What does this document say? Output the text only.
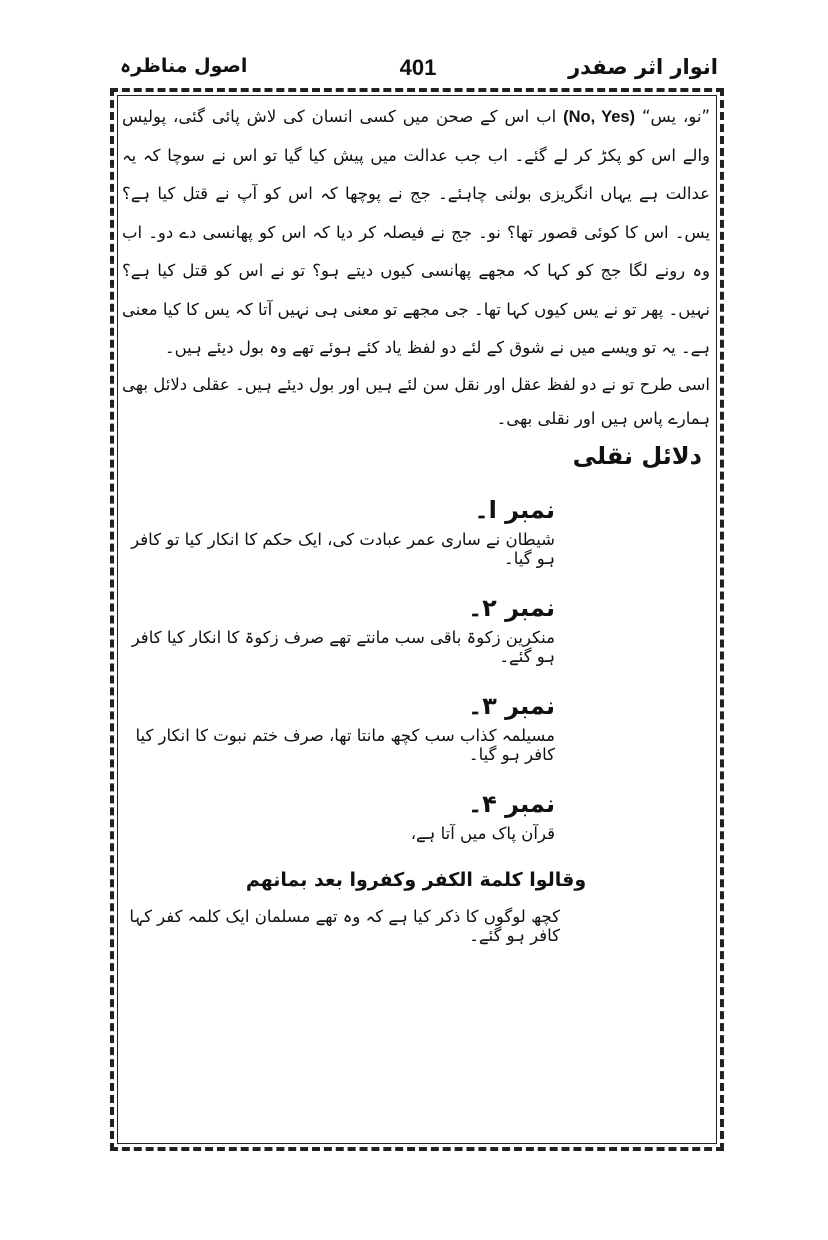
انوار اثر صفدر
401
اصول مناظرہ

”نو، یس“ (No, Yes) اب اس کے صحن میں کسی انسان کی لاش پائی گئی، پولیس والے اس کو پکڑ کر لے گئے۔ اب جب عدالت میں پیش کیا گیا تو اس نے سوچا کہ یہ عدالت ہے یہاں انگریزی بولنی چاہئے۔ جج نے پوچھا کہ اس کو آپ نے قتل کیا ہے؟ یس۔ اس کا کوئی قصور تھا؟ نو۔ جج نے فیصلہ کر دیا کہ اس کو پھانسی دے دو۔ اب وہ رونے لگا جج کو کہا کہ مجھے پھانسی کیوں دیتے ہو؟ تو نے اس کو قتل کیا ہے؟ نہیں۔ پھر تو نے یس کیوں کہا تھا۔ جی مجھے تو معنی ہی نہیں آتا کہ یس کا کیا معنی ہے۔ یہ تو ویسے میں نے شوق کے لئے دو لفظ یاد کئے ہوئے تھے وہ بول دیئے ہیں۔

اسی طرح تو نے دو لفظ عقل اور نقل سن لئے ہیں اور بول دیئے ہیں۔ عقلی دلائل بھی ہمارے پاس ہیں اور نقلی بھی۔

دلائل نقلی
نمبر ا۔
شیطان نے ساری عمر عبادت کی، ایک حکم کا انکار کیا تو کافر ہو گیا۔
نمبر ۲۔
منکرین زکوۃ باقی سب مانتے تھے صرف زکوۃ کا انکار کیا کافر ہو گئے۔
نمبر ۳۔
مسیلمہ کذاب سب کچھ مانتا تھا، صرف ختم نبوت کا انکار کیا کافر ہو گیا۔
نمبر ۴۔
قرآن پاک میں آتا ہے،
وقالوا كلمة الكفر وكفروا بعد بمانهم
کچھ لوگوں کا ذکر کیا ہے کہ وہ تھے مسلمان ایک کلمہ کفر کہا کافر ہو گئے۔
